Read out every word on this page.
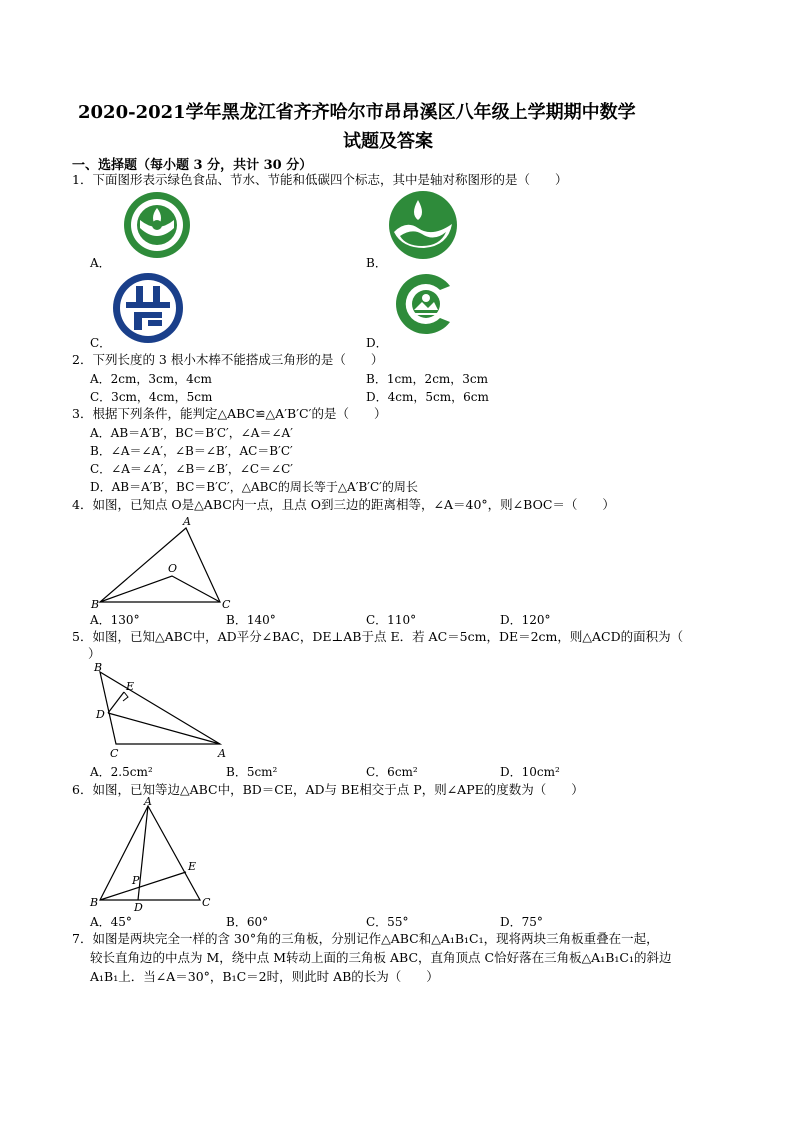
2020-2021学年黑龙江省齐齐哈尔市昂昂溪区八年级上学期期中数学
试题及答案
一、选择题（每小题 3 分，共计 30 分）
1．下面图形表示绿色食品、节水、节能和低碳四个标志，其中是轴对称图形的是（　　）
A．	B．
C．	D．
2．下列长度的 3 根小木棒不能搭成三角形的是（　　）
A．2cm，3cm，4cm	B．1cm，2cm，3cm
C．3cm，4cm，5cm	D．4cm，5cm，6cm
3．根据下列条件，能判定△ABC≌△A′B′C′的是（　　）
A．AB＝A′B′，BC＝B′C′，∠A＝∠A′
B．∠A＝∠A′，∠B＝∠B′，AC＝B′C′
C．∠A＝∠A′，∠B＝∠B′，∠C＝∠C′
D．AB＝A′B′，BC＝B′C′，△ABC的周长等于△A′B′C′的周长
4．如图，已知点 O是△ABC内一点，且点 O到三边的距离相等，∠A＝40°，则∠BOC＝（　　）
A
B	C
O
A．130°	B．140°	C．110°	D．120°
5．如图，已知△ABC中，AD平分∠BAC，DE⊥AB于点 E．若 AC＝5cm，DE＝2cm，则△ACD的面积为（
）
B
E
D
C	A
A．2.5cm²	B．5cm²	C．6cm²	D．10cm²
6．如图，已知等边△ABC中，BD＝CE，AD与 BE相交于点 P，则∠APE的度数为（　　）
A
E
P
B	C
D
A．45°	B．60°	C．55°	D．75°
7．如图是两块完全一样的含 30°角的三角板，分别记作△ABC和△A₁B₁C₁，现将两块三角板重叠在一起，
较长直角边的中点为 M，绕中点 M转动上面的三角板 ABC，直角顶点 C恰好落在三角板△A₁B₁C₁的斜边
A₁B₁上．当∠A＝30°，B₁C＝2时，则此时 AB的长为（　　）
